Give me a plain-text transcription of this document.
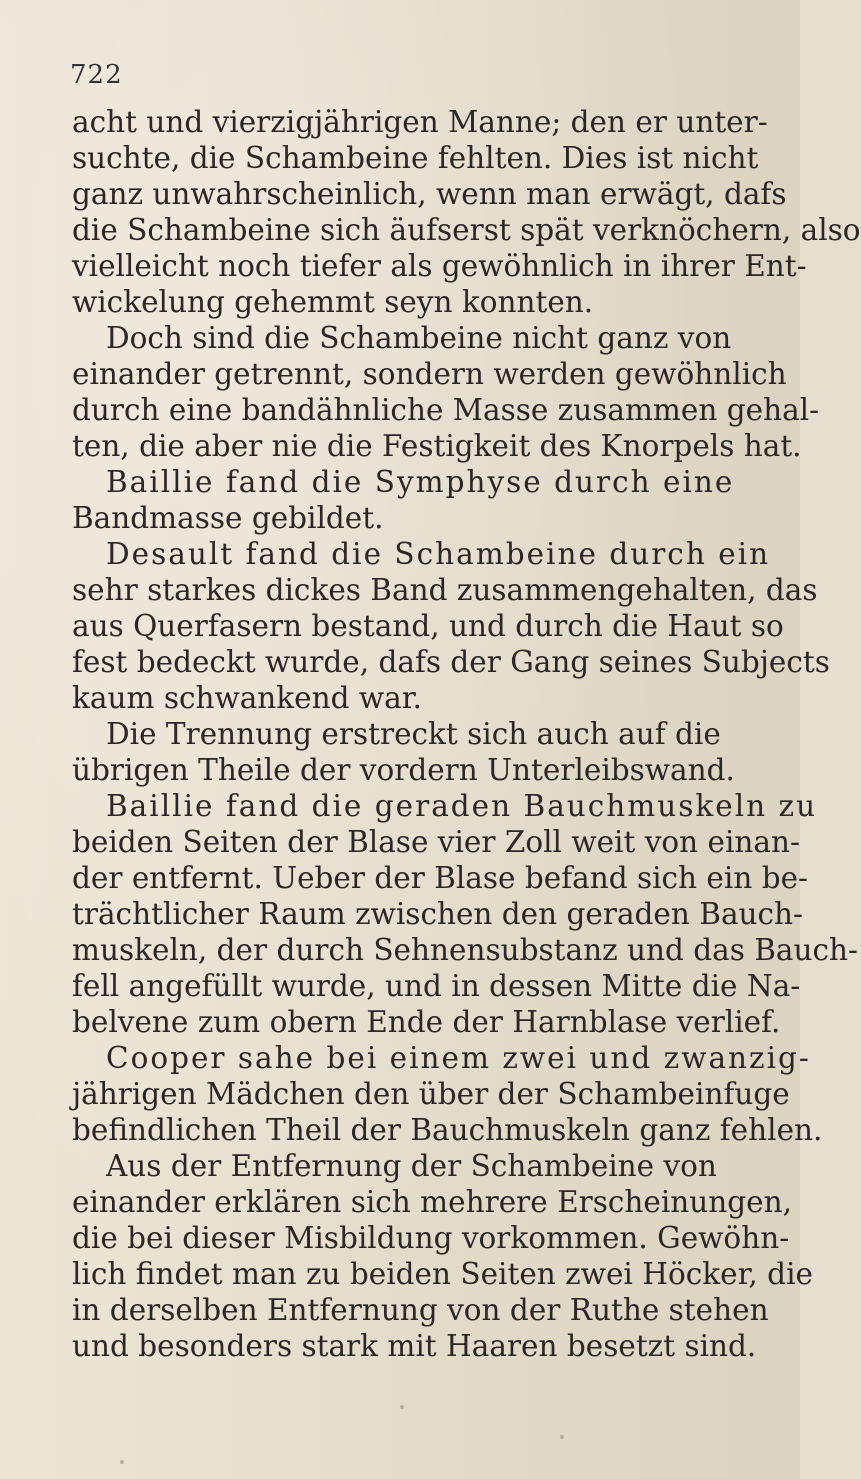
722
acht und vierzigjährigen Manne; den er unter-
suchte, die Schambeine fehlten. Dies ist nicht
ganz unwahrscheinlich, wenn man erwägt, dafs
die Schambeine sich äufserst spät verknöchern, also
vielleicht noch tiefer als gewöhnlich in ihrer Ent-
wickelung gehemmt seyn konnten.
Doch sind die Schambeine nicht ganz von
einander getrennt, sondern werden gewöhnlich
durch eine bandähnliche Masse zusammen gehal-
ten, die aber nie die Festigkeit des Knorpels hat.
Baillie fand die Symphyse durch eine
Bandmasse gebildet.
Desault fand die Schambeine durch ein
sehr starkes dickes Band zusammengehalten, das
aus Querfasern bestand, und durch die Haut so
fest bedeckt wurde, dafs der Gang seines Subjects
kaum schwankend war.
Die Trennung erstreckt sich auch auf die
übrigen Theile der vordern Unterleibswand.
Baillie fand die geraden Bauchmuskeln zu
beiden Seiten der Blase vier Zoll weit von einan-
der entfernt. Ueber der Blase befand sich ein be-
trächtlicher Raum zwischen den geraden Bauch-
muskeln, der durch Sehnensubstanz und das Bauch-
fell angefüllt wurde, und in dessen Mitte die Na-
belvene zum obern Ende der Harnblase verlief.
Cooper sahe bei einem zwei und zwanzig-
jährigen Mädchen den über der Schambeinfuge
befindlichen Theil der Bauchmuskeln ganz fehlen.
Aus der Entfernung der Schambeine von
einander erklären sich mehrere Erscheinungen,
die bei dieser Misbildung vorkommen. Gewöhn-
lich findet man zu beiden Seiten zwei Höcker, die
in derselben Entfernung von der Ruthe stehen
und besonders stark mit Haaren besetzt sind.
